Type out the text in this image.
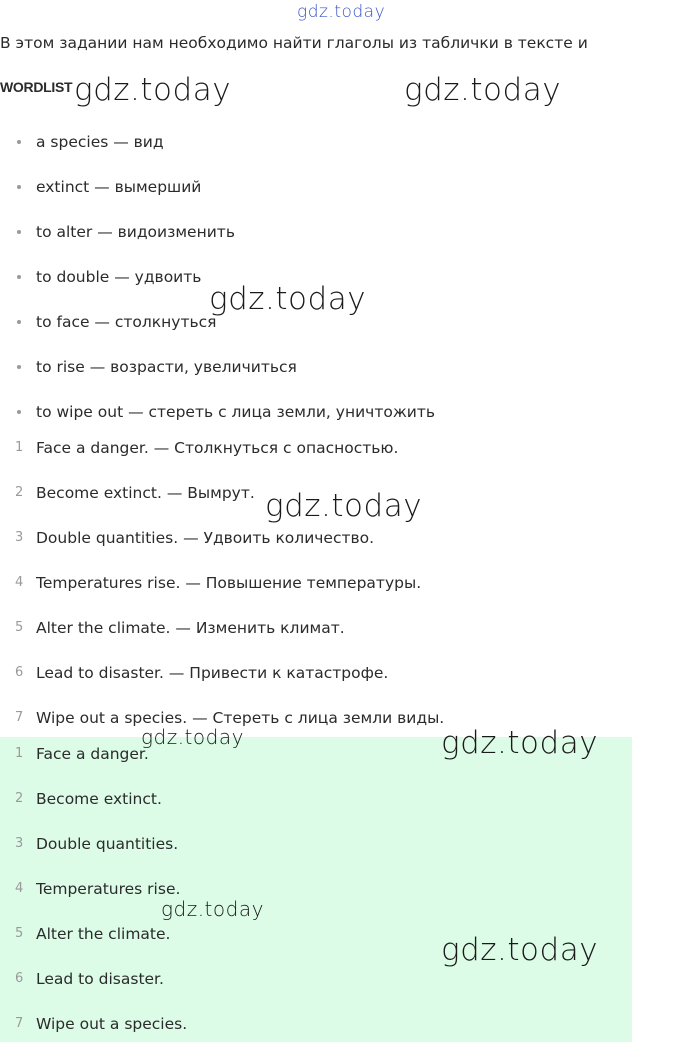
gdz.today
В этом задании нам необходимо найти глаголы из таблички в тексте и
WORDLIST
a species — вид
extinct — вымерший
to alter — видоизменить
to double — удвоить
to face — столкнуться
to rise — возрасти, увеличиться
to wipe out — стереть с лица земли, уничтожить
1 Face a danger. — Столкнуться с опасностью.
2 Become extinct. — Вымрут.
3 Double quantities. — Удвоить количество.
4 Temperatures rise. — Повышение температуры.
5 Alter the climate. — Изменить климат.
6 Lead to disaster. — Привести к катастрофе.
7 Wipe out a species. — Стереть с лица земли виды.
1 Face a danger.
2 Become extinct.
3 Double quantities.
4 Temperatures rise.
5 Alter the climate.
6 Lead to disaster.
7 Wipe out a species.
gdz.today	gdz.today
gdz.today
gdz.today
gdz.today	gdz.today
gdz.today
gdz.today
